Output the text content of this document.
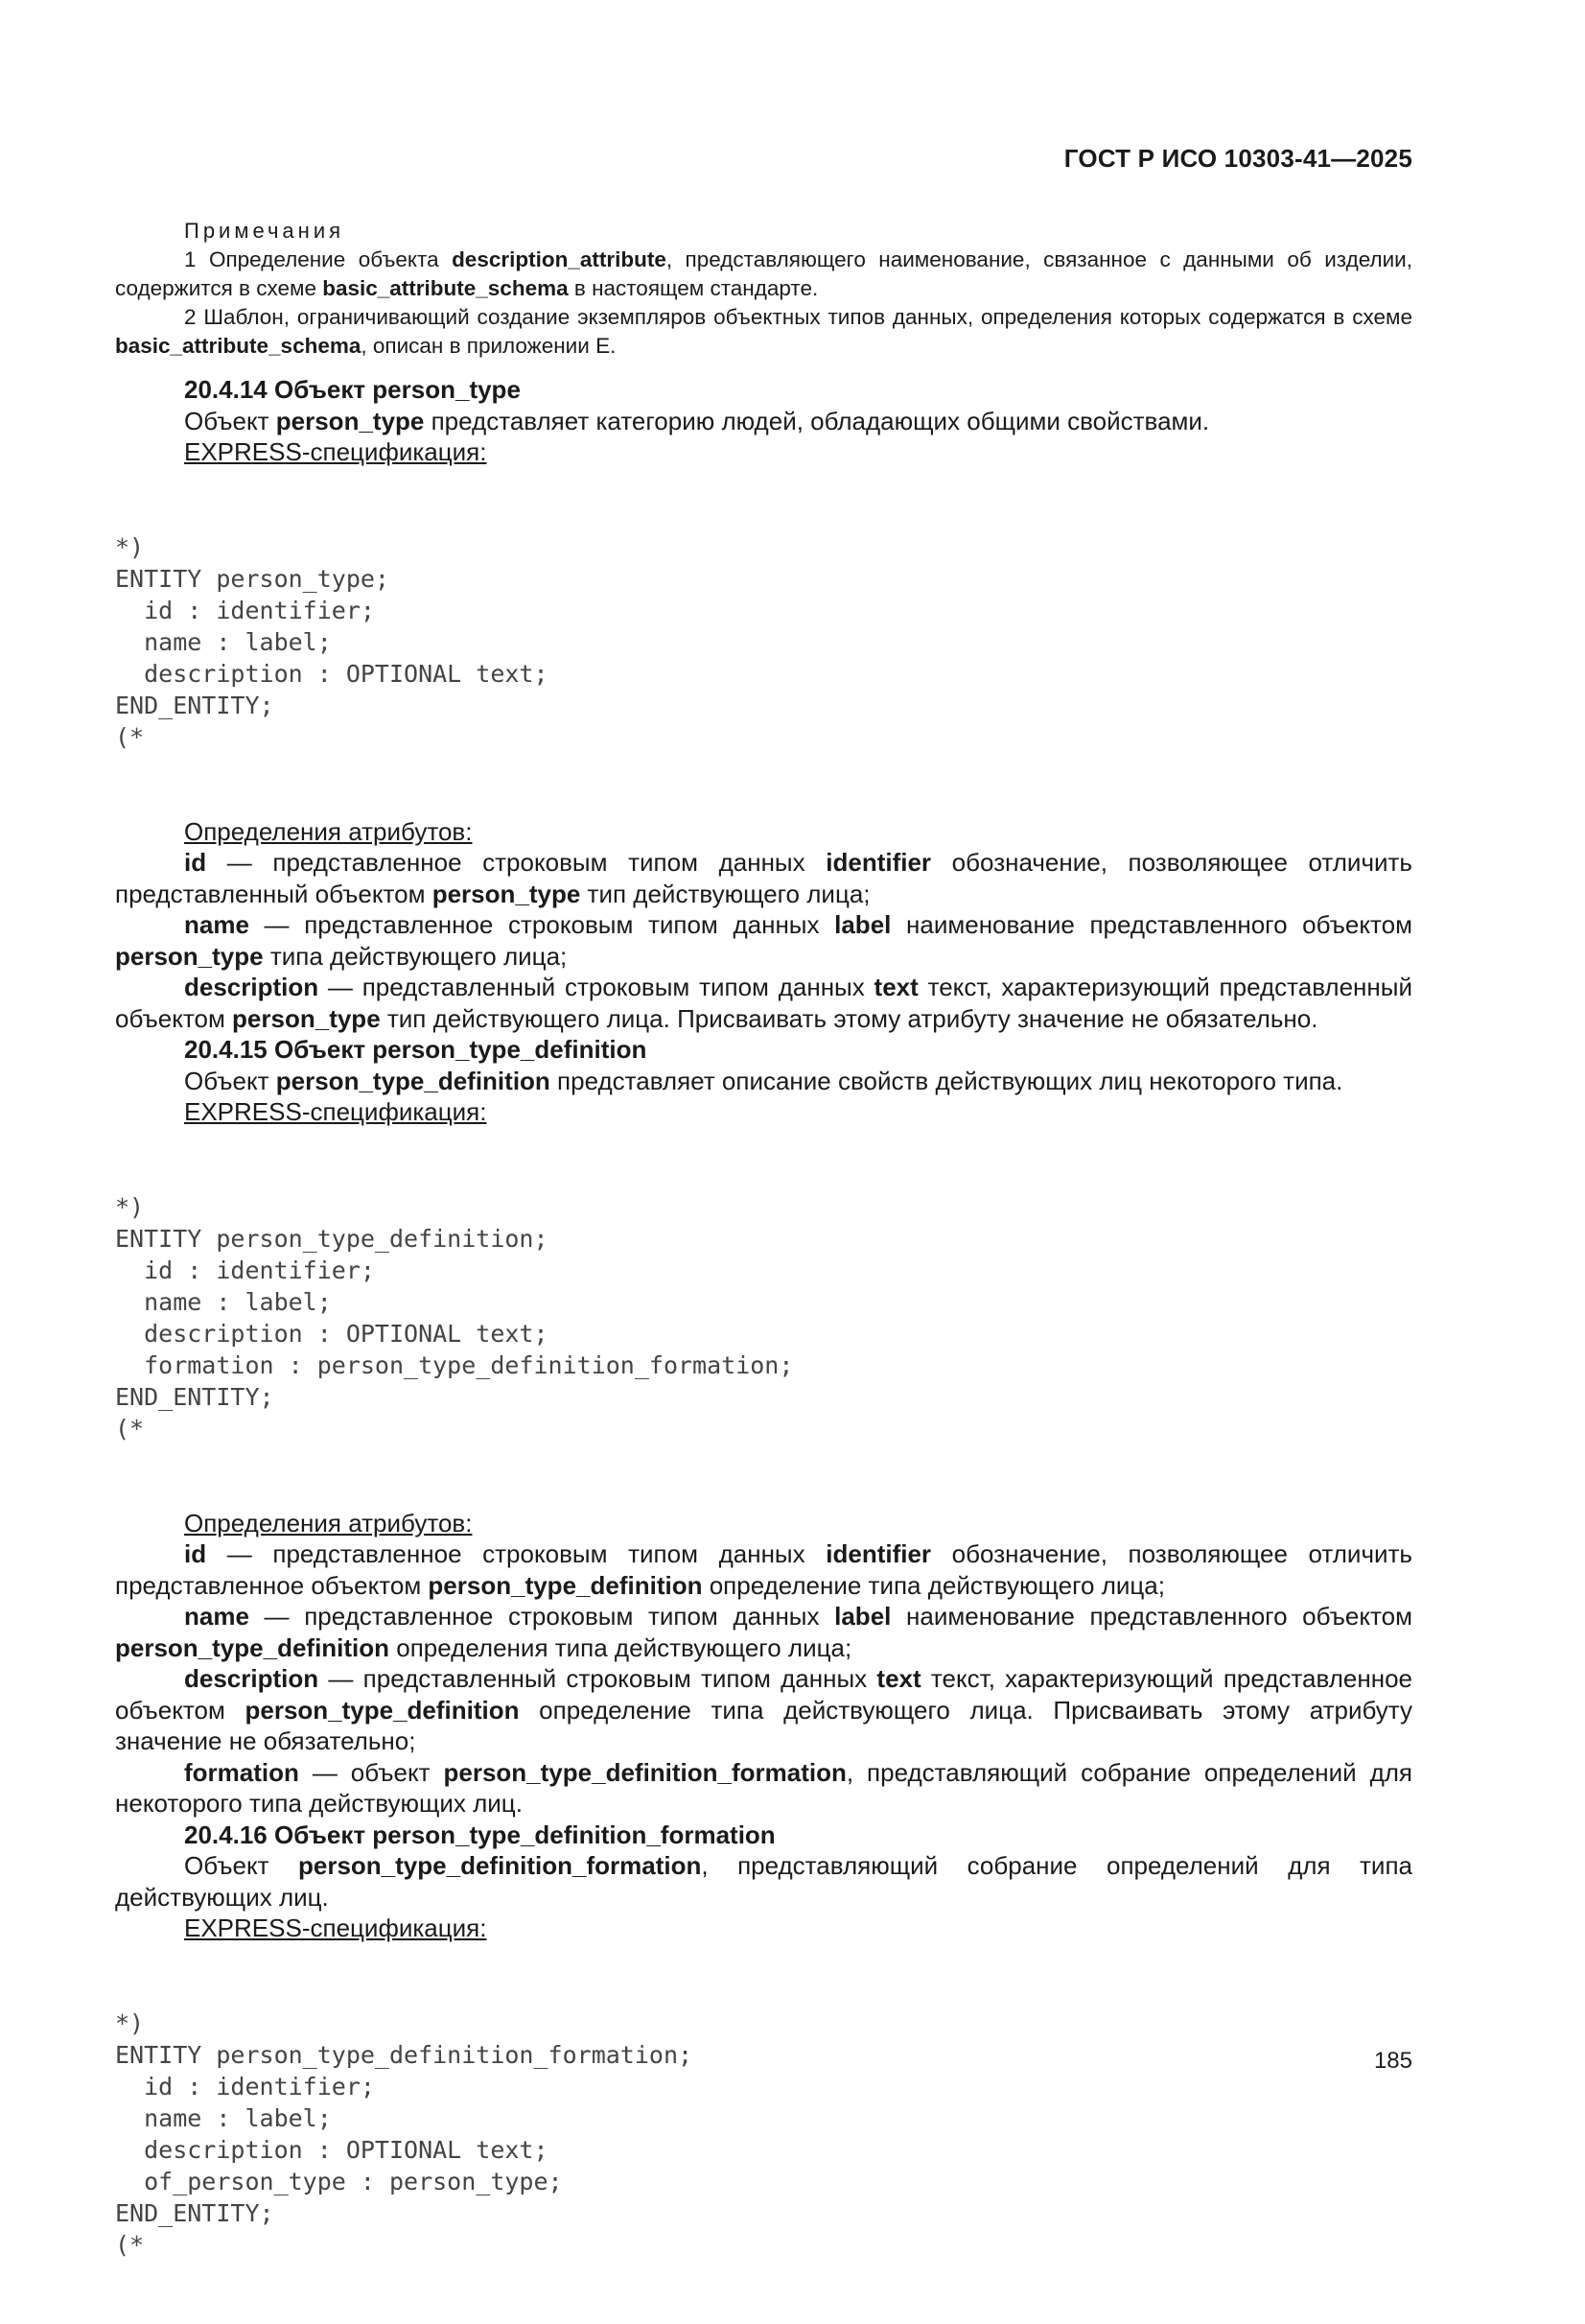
ГОСТ Р ИСО 10303-41—2025

Примечания

1 Определение объекта description_attribute, представляющего наименование, связанное с данными об изделии, содержится в схеме basic_attribute_schema в настоящем стандарте.

2 Шаблон, ограничивающий создание экземпляров объектных типов данных, определения которых содержатся в схеме basic_attribute_schema, описан в приложении Е.

20.4.14 Объект person_type

Объект person_type представляет категорию людей, обладающих общими свойствами.

EXPRESS-спецификация:

*)
ENTITY person_type;
id : identifier;
name : label;
description : OPTIONAL text;
END_ENTITY;
(*

Определения атрибутов:

id — представленное строковым типом данных identifier обозначение, позволяющее отличить представленный объектом person_type тип действующего лица;

name — представленное строковым типом данных label наименование представленного объектом person_type типа действующего лица;

description — представленный строковым типом данных text текст, характеризующий представленный объектом person_type тип действующего лица. Присваивать этому атрибуту значение не обязательно.

20.4.15 Объект person_type_definition

Объект person_type_definition представляет описание свойств действующих лиц некоторого типа.

EXPRESS-спецификация:

*)
ENTITY person_type_definition;
id : identifier;
name : label;
description : OPTIONAL text;
formation : person_type_definition_formation;
END_ENTITY;
(*

Определения атрибутов:

id — представленное строковым типом данных identifier обозначение, позволяющее отличить представленное объектом person_type_definition определение типа действующего лица;

name — представленное строковым типом данных label наименование представленного объектом person_type_definition определения типа действующего лица;

description — представленный строковым типом данных text текст, характеризующий представленное объектом person_type_definition определение типа действующего лица. Присваивать этому атрибуту значение не обязательно;

formation — объект person_type_definition_formation, представляющий собрание определений для некоторого типа действующих лиц.

20.4.16 Объект person_type_definition_formation

Объект person_type_definition_formation, представляющий собрание определений для типа действующих лиц.

EXPRESS-спецификация:

*)
ENTITY person_type_definition_formation;
id : identifier;
name : label;
description : OPTIONAL text;
of_person_type : person_type;
END_ENTITY;
(*

185
